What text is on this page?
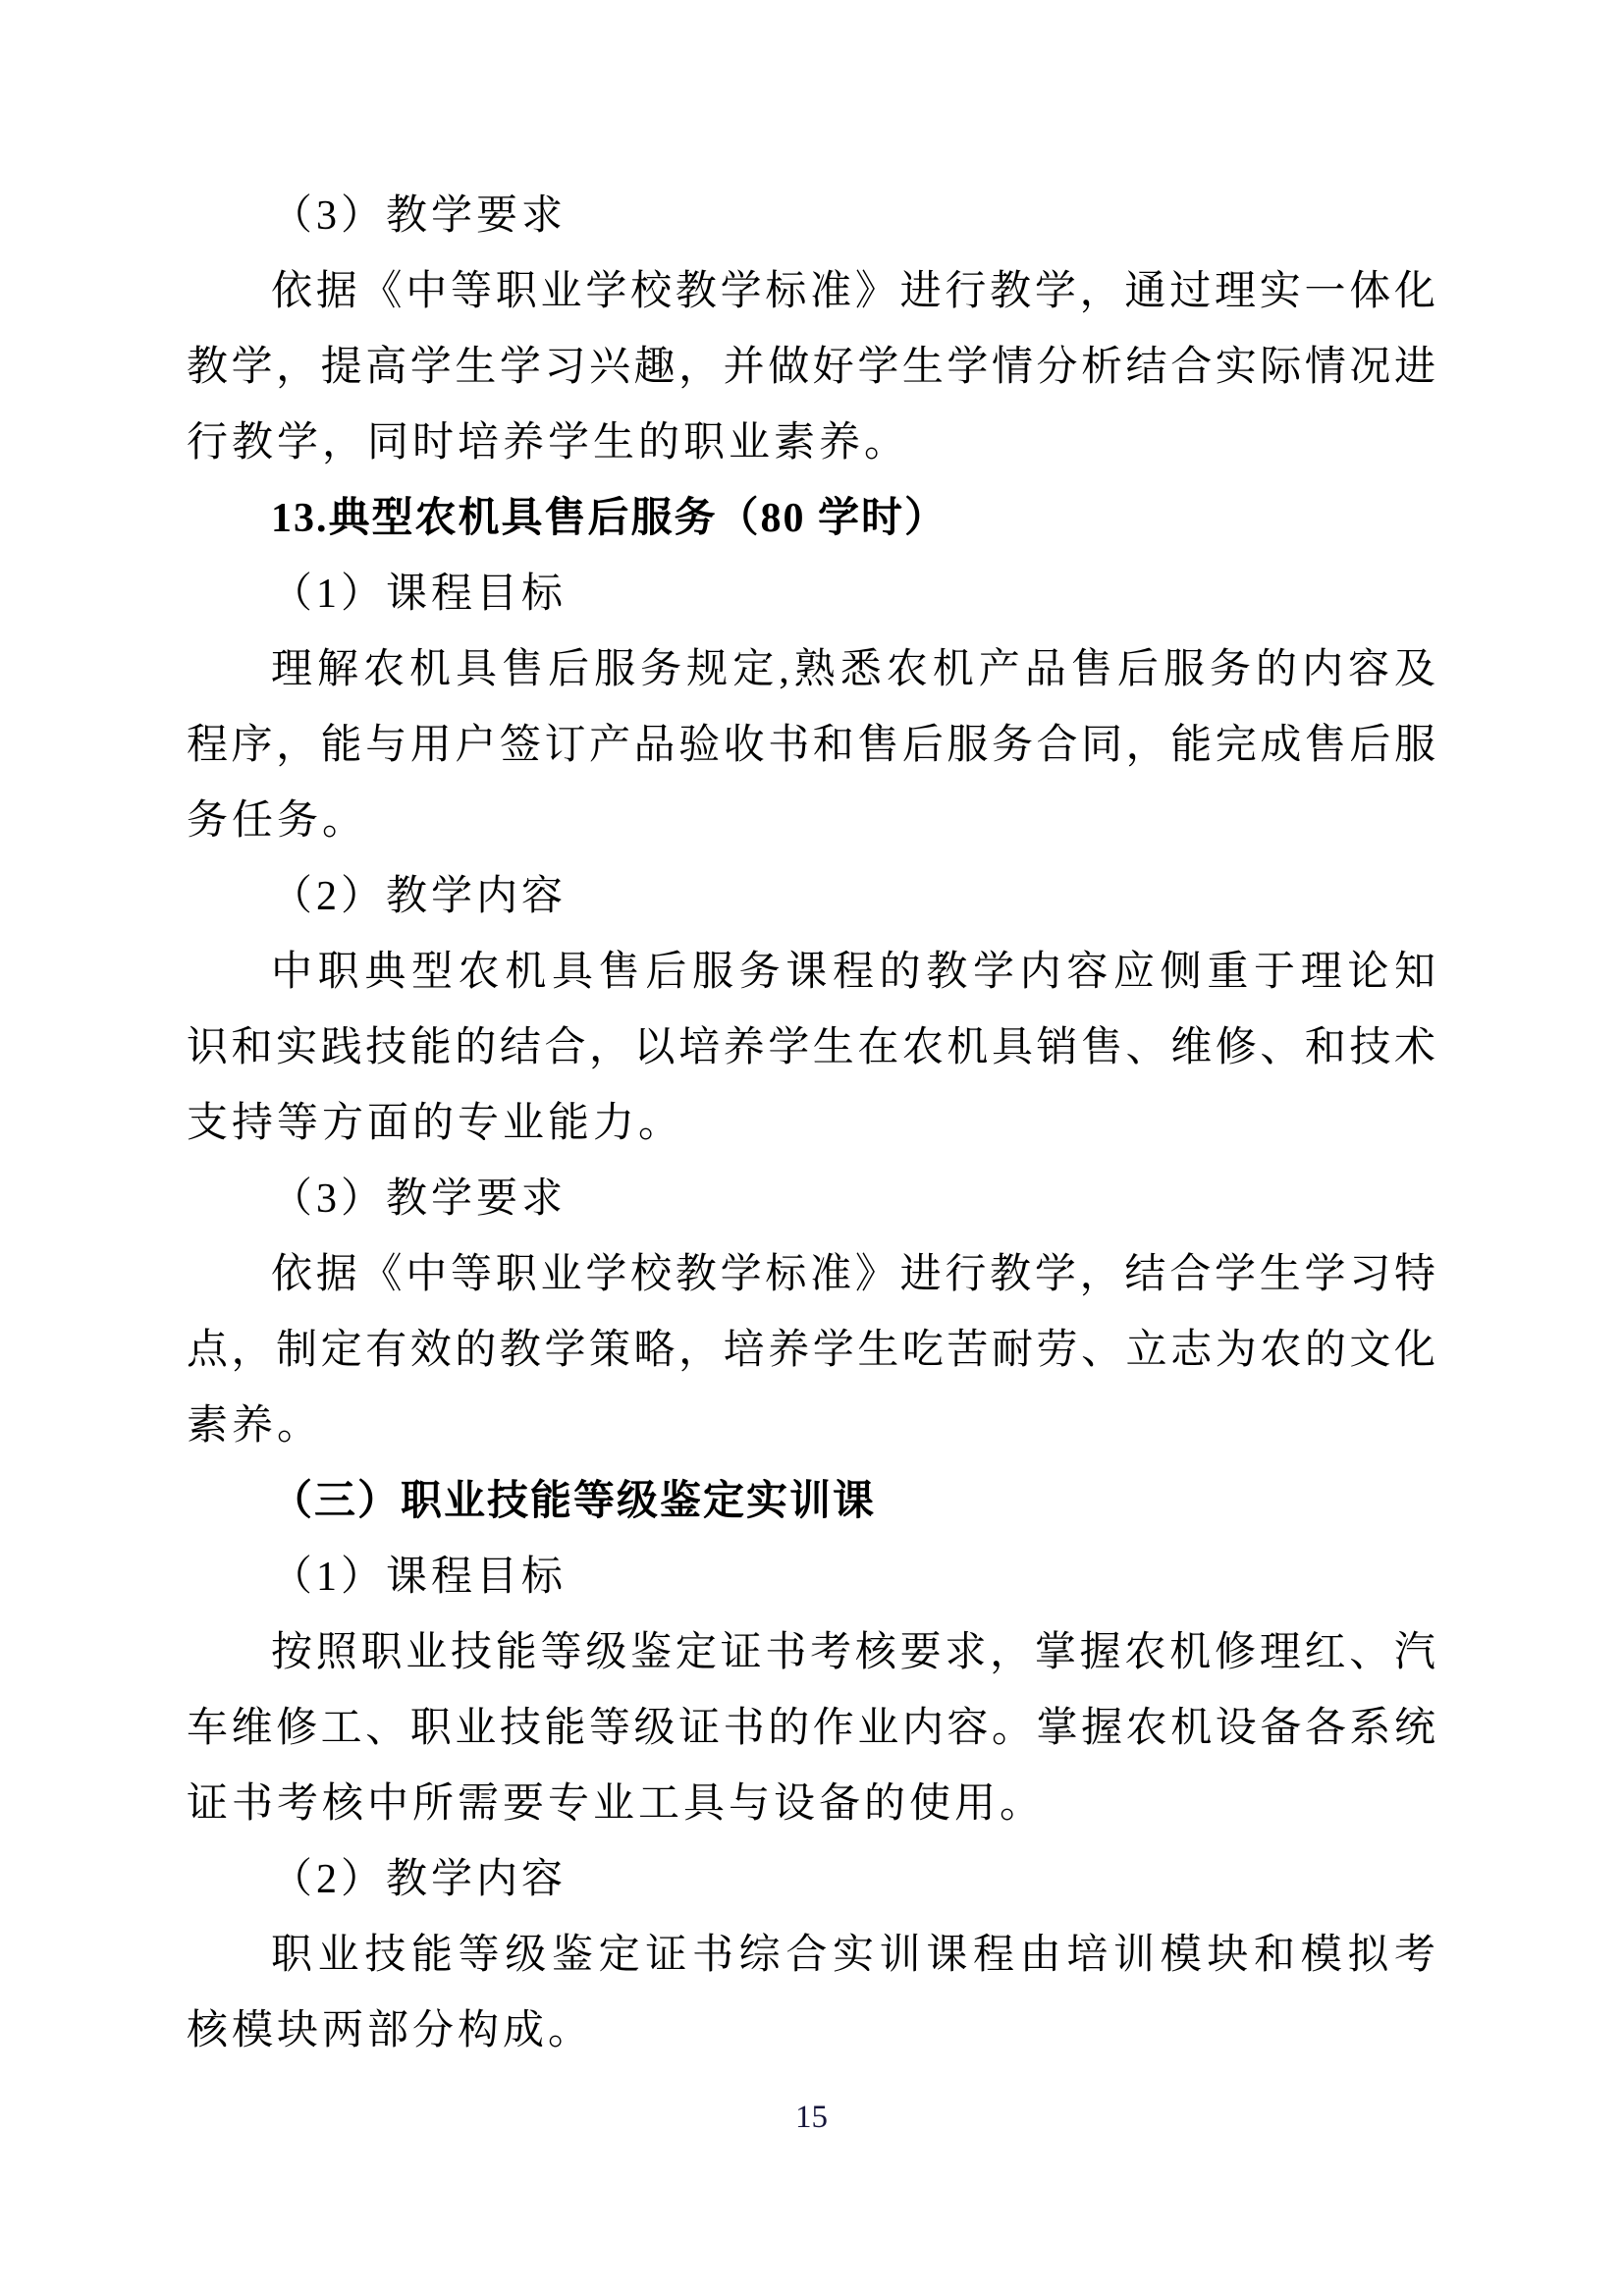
（3）教学要求
依据《中等职业学校教学标准》进行教学，通过理实一体化
教学，提高学生学习兴趣，并做好学生学情分析结合实际情况进
行教学，同时培养学生的职业素养。
13.典型农机具售后服务（80 学时）
（1）课程目标
理解农机具售后服务规定,熟悉农机产品售后服务的内容及
程序，能与用户签订产品验收书和售后服务合同，能完成售后服
务任务。
（2）教学内容
中职典型农机具售后服务课程的教学内容应侧重于理论知
识和实践技能的结合，以培养学生在农机具销售、维修、和技术
支持等方面的专业能力。
（3）教学要求
依据《中等职业学校教学标准》进行教学，结合学生学习特
点，制定有效的教学策略，培养学生吃苦耐劳、立志为农的文化
素养。
（三）职业技能等级鉴定实训课
（1）课程目标
按照职业技能等级鉴定证书考核要求，掌握农机修理红、汽
车维修工、职业技能等级证书的作业内容。掌握农机设备各系统
证书考核中所需要专业工具与设备的使用。
（2）教学内容
职业技能等级鉴定证书综合实训课程由培训模块和模拟考
核模块两部分构成。
15
